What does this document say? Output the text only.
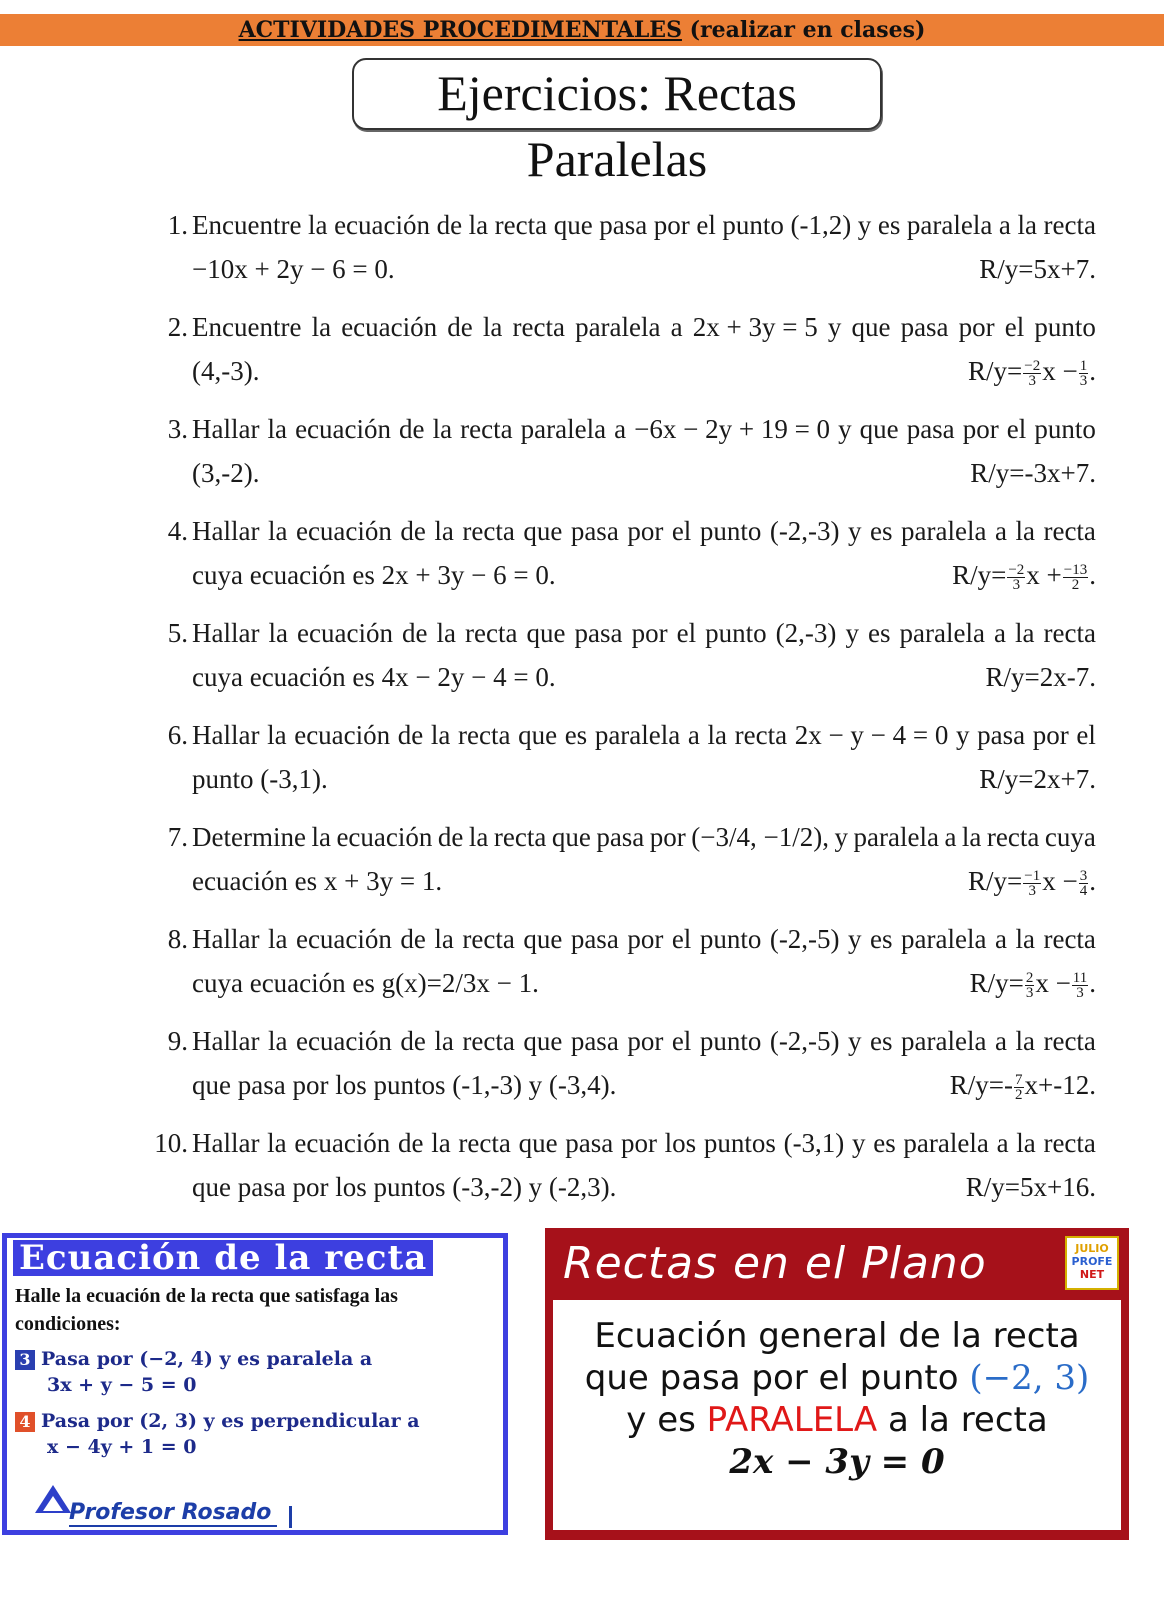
ACTIVIDADES PROCEDIMENTALES (realizar en clases)
Ejercicios: Rectas Paralelas
1. Encuentre la ecuación de la recta que pasa por el punto (-1,2) y es paralela a la recta
−10x + 2y − 6 = 0.	R/y=5x+7.
2. Encuentre la ecuación de la recta paralela a 2x + 3y = 5 y que pasa por el punto
(4,-3).	$R/y= \frac{-2}{3}$ $x - \frac{1}{3}$ .
3. Hallar la ecuación de la recta paralela a −6x − 2y + 19 = 0 y que pasa por el punto
(3,-2).	R/y=-3x+7.
4. Hallar la ecuación de la recta que pasa por el punto (-2,-3) y es paralela a la recta
cuya ecuación es 2x + 3y − 6 = 0.	$R/y= \frac{-2}{3}$ $x + \frac{-13}{2}$ .
5. Hallar la ecuación de la recta que pasa por el punto (2,-3) y es paralela a la recta
cuya ecuación es 4x − 2y − 4 = 0.	R/y=2x-7.
6. Hallar la ecuación de la recta que es paralela a la recta 2x − y − 4 = 0 y pasa por el
punto (-3,1).	R/y=2x+7.
7. Determine la ecuación de la recta que pasa por (−3/4, −1/2), y paralela a la recta cuya
ecuación es x + 3y = 1.	$R/y= \frac{-1}{3}$ $x - \frac{3}{4}$ .
8. Hallar la ecuación de la recta que pasa por el punto (-2,-5) y es paralela a la recta
cuya ecuación es g(x)=2/3x − 1.	$R/y= \frac{2}{3}$ $x - \frac{11}{3}$ .
9. Hallar la ecuación de la recta que pasa por el punto (-2,-5) y es paralela a la recta
que pasa por los puntos (-1,-3) y (-3,4).	$R/y=- \frac{7}{2} x+-12$.
10. Hallar la ecuación de la recta que pasa por los puntos (-3,1) y es paralela a la recta
que pasa por los puntos (-3,-2) y (-2,3).	R/y=5x+16.
Ecuación de la recta
Halle la ecuación de la recta que satisfaga las condiciones:
3 Pasa por (−2, 4) y es paralela a
3x + y − 5 = 0
4 Pasa por (2, 3) y es perpendicular a
x − 4y + 1 = 0
Profesor Rosado
Rectas en el Plano	JULIO
PROFE
NET
Ecuación general de la recta
que pasa por el punto (−2, 3)
y es PARALELA a la recta
2x − 3y = 0
